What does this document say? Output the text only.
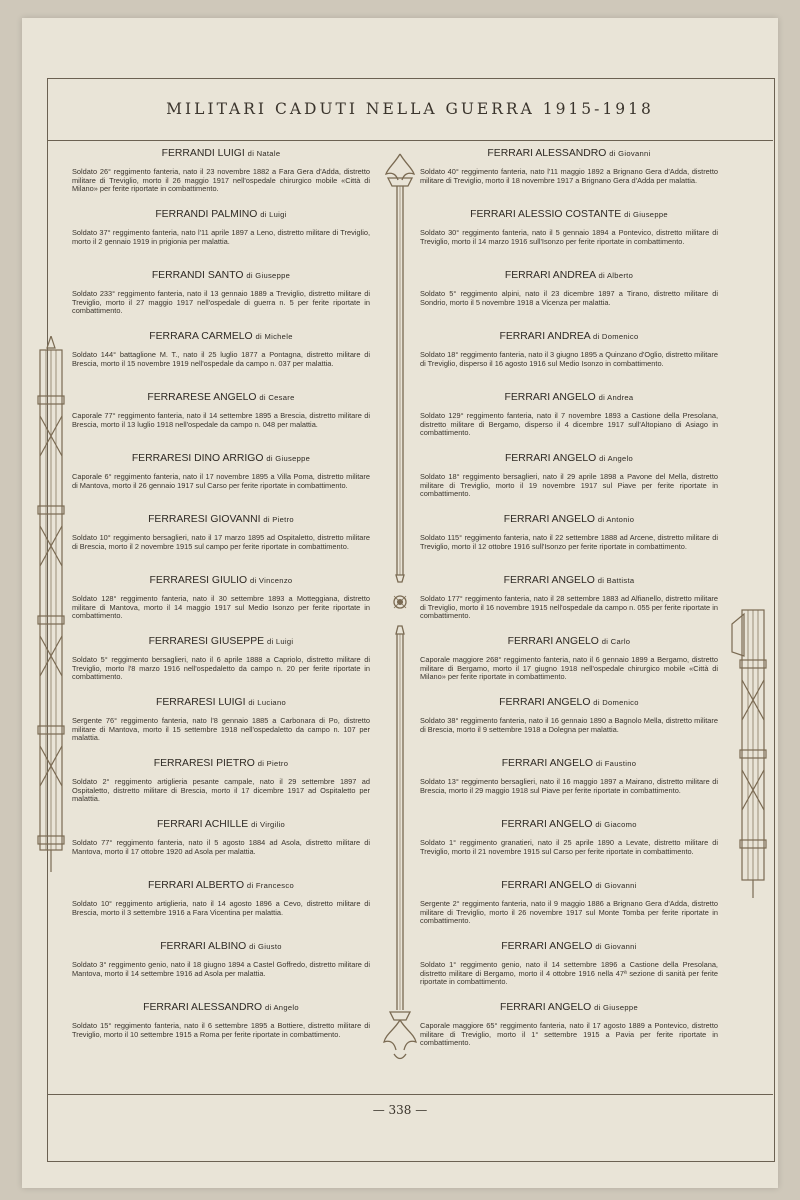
MILITARI CADUTI NELLA GUERRA 1915-1918
— 338 —

FERRANDI LUIGI di Natale

Soldato 26° reggimento fanteria, nato il 23 novembre 1882 a Fara Gera d'Adda, distretto militare di Treviglio, morto il 26 maggio 1917 nell'ospedale chirurgico mobile «Città di Milano» per ferite riportate in combattimento.

FERRANDI PALMINO di Luigi

Soldato 37° reggimento fanteria, nato l'11 aprile 1897 a Leno, distretto militare di Treviglio, morto il 2 gennaio 1919 in prigionia per malattia.

FERRANDI SANTO di Giuseppe

Soldato 233° reggimento fanteria, nato il 13 gennaio 1889 a Treviglio, distretto militare di Treviglio, morto il 27 maggio 1917 nell'ospedale di guerra n. 5 per ferite riportate in combattimento.

FERRARA CARMELO di Michele

Soldato 144° battaglione M. T., nato il 25 luglio 1877 a Pontagna, distretto militare di Brescia, morto il 15 novembre 1919 nell'ospedale da campo n. 037 per malattia.

FERRARESE ANGELO di Cesare

Caporale 77° reggimento fanteria, nato il 14 settembre 1895 a Brescia, distretto militare di Brescia, morto il 13 luglio 1918 nell'ospedale da campo n. 048 per malattia.

FERRARESI DINO ARRIGO di Giuseppe

Caporale 6° reggimento fanteria, nato il 17 novembre 1895 a Villa Poma, distretto militare di Mantova, morto il 26 gennaio 1917 sul Carso per ferite riportate in combattimento.

FERRARESI GIOVANNI di Pietro

Soldato 10° reggimento bersaglieri, nato il 17 marzo 1895 ad Ospitaletto, distretto militare di Brescia, morto il 2 novembre 1915 sul campo per ferite riportate in combattimento.

FERRARESI GIULIO di Vincenzo

Soldato 128° reggimento fanteria, nato il 30 settembre 1893 a Motteggiana, distretto militare di Mantova, morto il 14 maggio 1917 sul Medio Isonzo per ferite riportate in combattimento.

FERRARESI GIUSEPPE di Luigi

Soldato 5° reggimento bersaglieri, nato il 6 aprile 1888 a Capriolo, distretto militare di Treviglio, morto l'8 marzo 1916 nell'ospedaletto da campo n. 20 per ferite riportate in combattimento.

FERRARESI LUIGI di Luciano

Sergente 76° reggimento fanteria, nato l'8 gennaio 1885 a Carbonara di Po, distretto militare di Mantova, morto il 15 settembre 1918 nell'ospedaletto da campo n. 107 per malattia.

FERRARESI PIETRO di Pietro

Soldato 2° reggimento artiglieria pesante campale, nato il 29 settembre 1897 ad Ospitaletto, distretto militare di Brescia, morto il 17 dicembre 1917 ad Ospitaletto per malattia.

FERRARI ACHILLE di Virgilio

Soldato 77° reggimento fanteria, nato il 5 agosto 1884 ad Asola, distretto militare di Mantova, morto il 17 ottobre 1920 ad Asola per malattia.

FERRARI ALBERTO di Francesco

Soldato 10° reggimento artiglieria, nato il 14 agosto 1896 a Cevo, distretto militare di Brescia, morto il 3 settembre 1916 a Fara Vicentina per malattia.

FERRARI ALBINO di Giusto

Soldato 3° reggimento genio, nato il 18 giugno 1894 a Castel Goffredo, distretto militare di Mantova, morto il 14 settembre 1916 ad Asola per malattia.

FERRARI ALESSANDRO di Angelo

Soldato 15° reggimento fanteria, nato il 6 settembre 1895 a Bottiere, distretto militare di Treviglio, morto il 10 settembre 1915 a Roma per ferite riportate in combattimento.

FERRARI ALESSANDRO di Giovanni

Soldato 40° reggimento fanteria, nato l'11 maggio 1892 a Brignano Gera d'Adda, distretto militare di Treviglio, morto il 18 novembre 1917 a Brignano Gera d'Adda per malattia.

FERRARI ALESSIO COSTANTE di Giuseppe

Soldato 30° reggimento fanteria, nato il 5 gennaio 1894 a Pontevico, distretto militare di Treviglio, morto il 14 marzo 1916 sull'Isonzo per ferite riportate in combattimento.

FERRARI ANDREA di Alberto

Soldato 5° reggimento alpini, nato il 23 dicembre 1897 a Tirano, distretto militare di Sondrio, morto il 5 novembre 1918 a Vicenza per malattia.

FERRARI ANDREA di Domenico

Soldato 18° reggimento fanteria, nato il 3 giugno 1895 a Quinzano d'Oglio, distretto militare di Treviglio, disperso il 16 agosto 1916 sul Medio Isonzo in combattimento.

FERRARI ANGELO di Andrea

Soldato 129° reggimento fanteria, nato il 7 novembre 1893 a Castione della Presolana, distretto militare di Bergamo, disperso il 4 dicembre 1917 sull'Altopiano di Asiago in combattimento.

FERRARI ANGELO di Angelo

Soldato 18° reggimento bersaglieri, nato il 29 aprile 1898 a Pavone del Mella, distretto militare di Treviglio, morto il 19 novembre 1917 sul Piave per ferite riportate in combattimento.

FERRARI ANGELO di Antonio

Soldato 115° reggimento fanteria, nato il 22 settembre 1888 ad Arcene, distretto militare di Treviglio, morto il 12 ottobre 1916 sull'Isonzo per ferite riportate in combattimento.

FERRARI ANGELO di Battista

Soldato 177° reggimento fanteria, nato il 28 settembre 1883 ad Alfianello, distretto militare di Treviglio, morto il 16 novembre 1915 nell'ospedale da campo n. 055 per ferite riportate in combattimento.

FERRARI ANGELO di Carlo

Caporale maggiore 268° reggimento fanteria, nato il 6 gennaio 1899 a Bergamo, distretto militare di Bergamo, morto il 17 giugno 1918 nell'ospedale chirurgico mobile «Città di Milano» per ferite riportate in combattimento.

FERRARI ANGELO di Domenico

Soldato 38° reggimento fanteria, nato il 16 gennaio 1890 a Bagnolo Mella, distretto militare di Brescia, morto il 9 settembre 1918 a Dolegna per malattia.

FERRARI ANGELO di Faustino

Soldato 13° reggimento bersaglieri, nato il 16 maggio 1897 a Mairano, distretto militare di Brescia, morto il 29 maggio 1918 sul Piave per ferite riportate in combattimento.

FERRARI ANGELO di Giacomo

Soldato 1° reggimento granatieri, nato il 25 aprile 1890 a Levate, distretto militare di Treviglio, morto il 21 novembre 1915 sul Carso per ferite riportate in combattimento.

FERRARI ANGELO di Giovanni

Sergente 2° reggimento fanteria, nato il 9 maggio 1886 a Brignano Gera d'Adda, distretto militare di Treviglio, morto il 26 novembre 1917 sul Monte Tomba per ferite riportate in combattimento.

FERRARI ANGELO di Giovanni

Soldato 1° reggimento genio, nato il 14 settembre 1896 a Castione della Presolana, distretto militare di Bergamo, morto il 4 ottobre 1916 nella 47ª sezione di sanità per ferite riportate in combattimento.

FERRARI ANGELO di Giuseppe

Caporale maggiore 65° reggimento fanteria, nato il 17 agosto 1889 a Pontevico, distretto militare di Treviglio, morto il 1° settembre 1915 a Pavia per ferite riportate in combattimento.
